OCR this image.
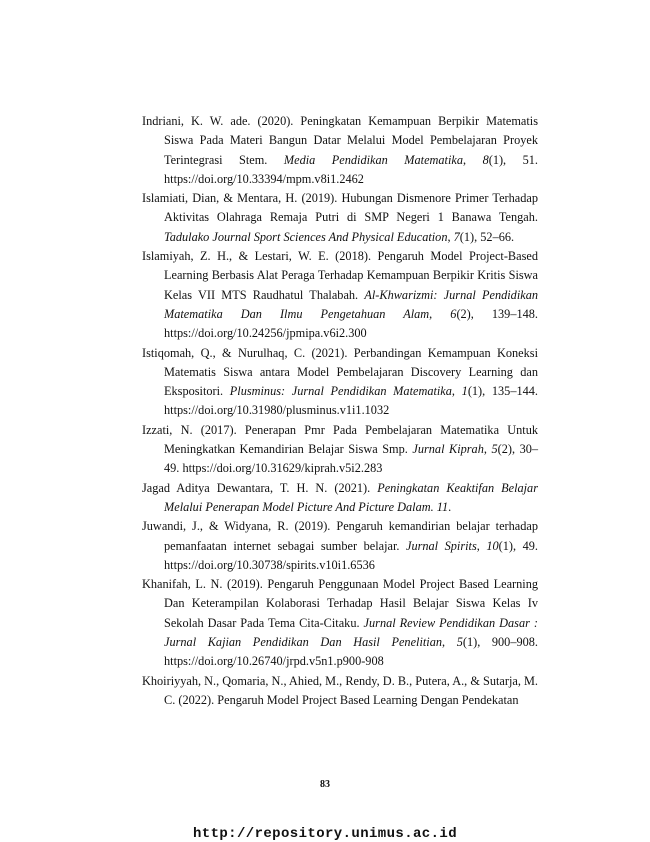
Indriani, K. W. ade. (2020). Peningkatan Kemampuan Berpikir Matematis Siswa Pada Materi Bangun Datar Melalui Model Pembelajaran Proyek Terintegrasi Stem. Media Pendidikan Matematika, 8(1), 51. https://doi.org/10.33394/mpm.v8i1.2462

Islamiati, Dian, & Mentara, H. (2019). Hubungan Dismenore Primer Terhadap Aktivitas Olahraga Remaja Putri di SMP Negeri 1 Banawa Tengah. Tadulako Journal Sport Sciences And Physical Education, 7(1), 52–66.

Islamiyah, Z. H., & Lestari, W. E. (2018). Pengaruh Model Project-Based Learning Berbasis Alat Peraga Terhadap Kemampuan Berpikir Kritis Siswa Kelas VII MTS Raudhatul Thalabah. Al-Khwarizmi: Jurnal Pendidikan Matematika Dan Ilmu Pengetahuan Alam, 6(2), 139–148. https://doi.org/10.24256/jpmipa.v6i2.300

Istiqomah, Q., & Nurulhaq, C. (2021). Perbandingan Kemampuan Koneksi Matematis Siswa antara Model Pembelajaran Discovery Learning dan Ekspositori. Plusminus: Jurnal Pendidikan Matematika, 1(1), 135–144. https://doi.org/10.31980/plusminus.v1i1.1032

Izzati, N. (2017). Penerapan Pmr Pada Pembelajaran Matematika Untuk Meningkatkan Kemandirian Belajar Siswa Smp. Jurnal Kiprah, 5(2), 30–49. https://doi.org/10.31629/kiprah.v5i2.283

Jagad Aditya Dewantara, T. H. N. (2021). Peningkatan Keaktifan Belajar Melalui Penerapan Model Picture And Picture Dalam. 11.

Juwandi, J., & Widyana, R. (2019). Pengaruh kemandirian belajar terhadap pemanfaatan internet sebagai sumber belajar. Jurnal Spirits, 10(1), 49. https://doi.org/10.30738/spirits.v10i1.6536

Khanifah, L. N. (2019). Pengaruh Penggunaan Model Project Based Learning Dan Keterampilan Kolaborasi Terhadap Hasil Belajar Siswa Kelas Iv Sekolah Dasar Pada Tema Cita-Citaku. Jurnal Review Pendidikan Dasar : Jurnal Kajian Pendidikan Dan Hasil Penelitian, 5(1), 900–908. https://doi.org/10.26740/jrpd.v5n1.p900-908

Khoiriyyah, N., Qomaria, N., Ahied, M., Rendy, D. B., Putera, A., & Sutarja, M. C. (2022). Pengaruh Model Project Based Learning Dengan Pendekatan

83
http://repository.unimus.ac.id
